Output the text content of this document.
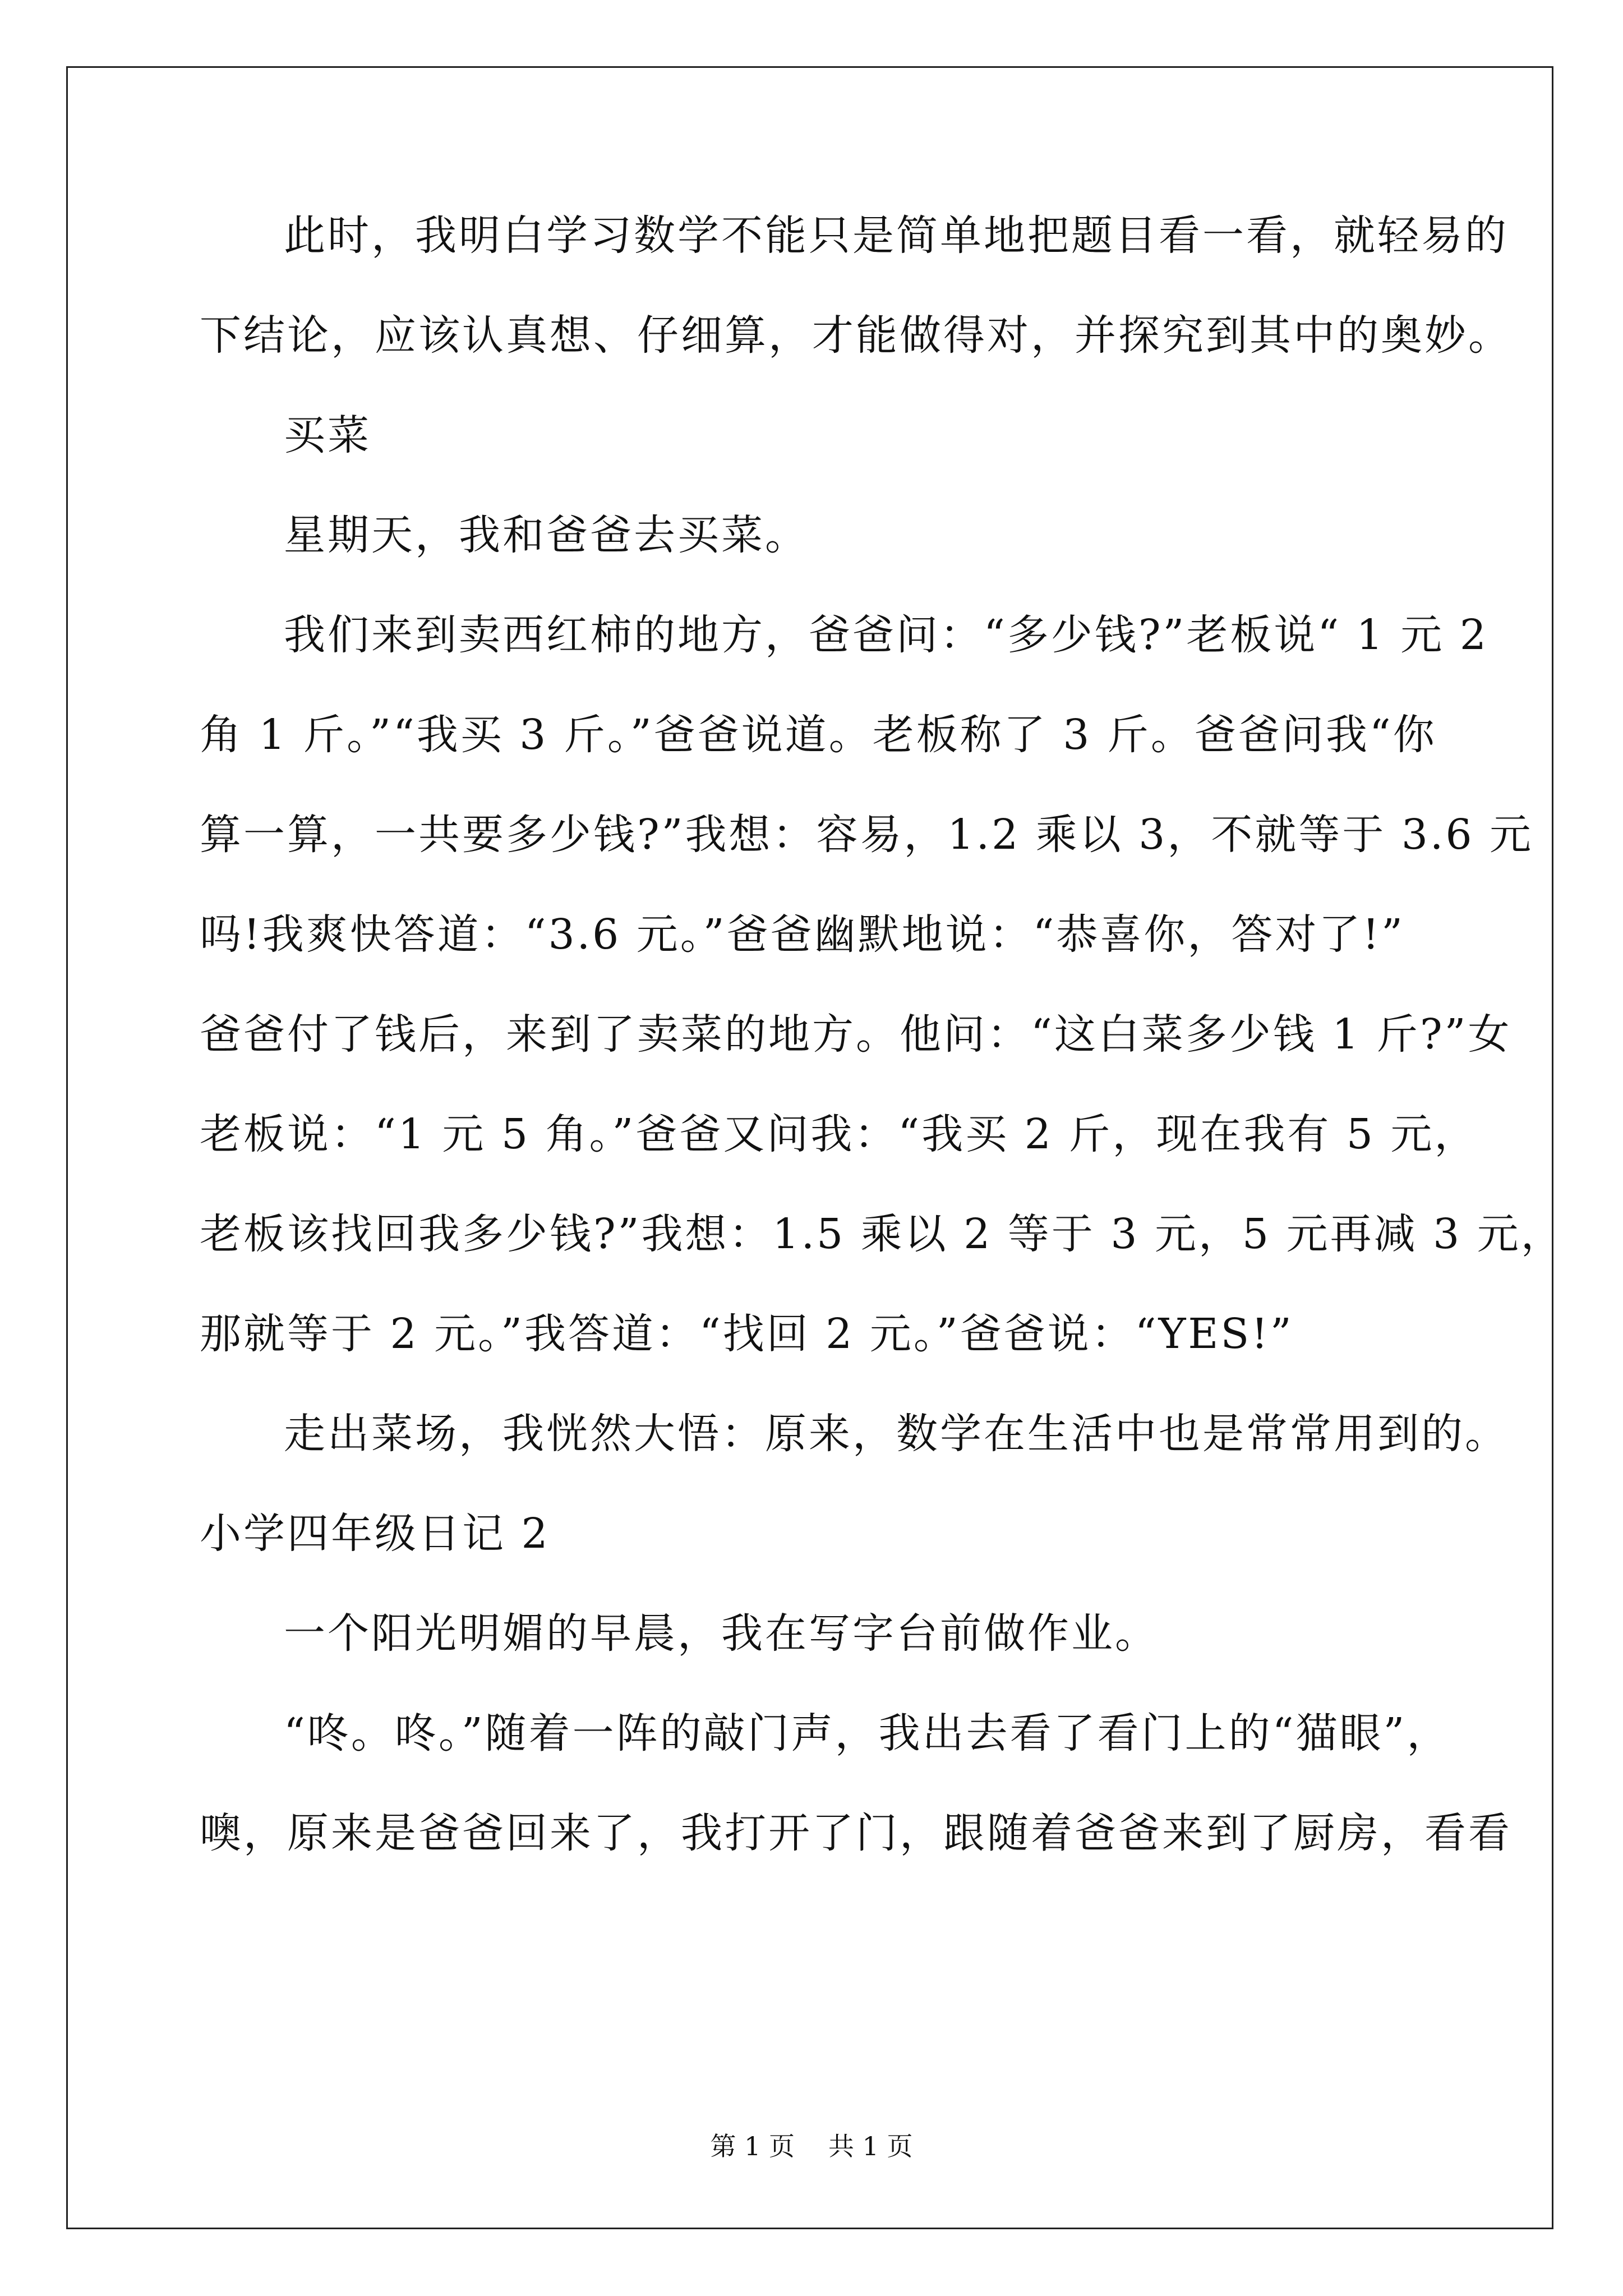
此时，我明白学习数学不能只是简单地把题目看一看，就轻易的
下结论，应该认真想、仔细算，才能做得对，并探究到其中的奥妙。
买菜
星期天，我和爸爸去买菜。
我们来到卖西红柿的地方，爸爸问：“多少钱?”老板说“ 1 元 2
角 1 斤。”“我买 3 斤。”爸爸说道。老板称了 3 斤。爸爸问我“你
算一算，一共要多少钱?”我想：容易，1.2 乘以 3，不就等于 3.6 元
吗!我爽快答道：“3.6 元。”爸爸幽默地说：“恭喜你，答对了!”
爸爸付了钱后，来到了卖菜的地方。他问：“这白菜多少钱 1 斤?”女
老板说：“1 元 5 角。”爸爸又问我：“我买 2 斤，现在我有 5 元，
老板该找回我多少钱?”我想：1.5 乘以 2 等于 3 元，5 元再减 3 元，
那就等于 2 元。”我答道：“找回 2 元。”爸爸说：“YES!”
走出菜场，我恍然大悟：原来，数学在生活中也是常常用到的。
小学四年级日记 2
一个阳光明媚的早晨，我在写字台前做作业。
“咚。咚。”随着一阵的敲门声，我出去看了看门上的“猫眼”，
噢，原来是爸爸回来了，我打开了门，跟随着爸爸来到了厨房，看看
第 1 页 共 1 页
